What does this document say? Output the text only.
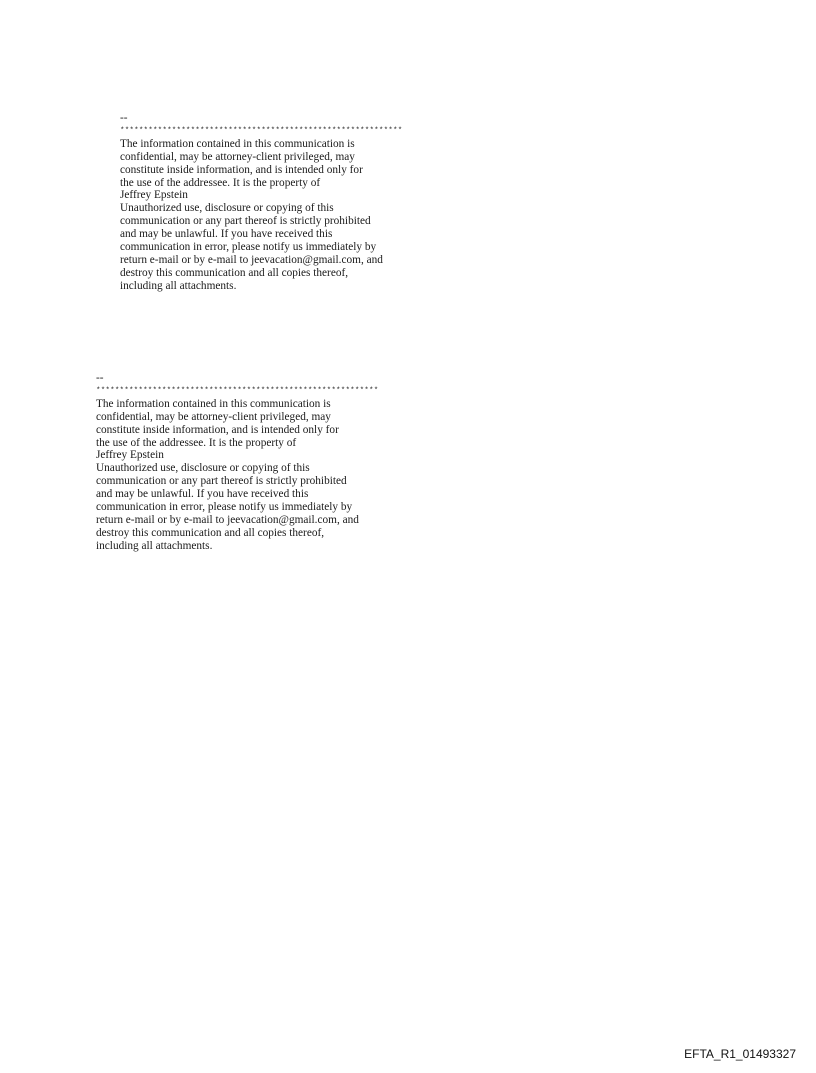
--
************************************************************
The information contained in this communication is
confidential, may be attorney-client privileged, may
constitute inside information, and is intended only for
the use of the addressee. It is the property of
Jeffrey Epstein
Unauthorized use, disclosure or copying of this
communication or any part thereof is strictly prohibited
and may be unlawful. If you have received this
communication in error, please notify us immediately by
return e-mail or by e-mail to jeevacation@gmail.com, and
destroy this communication and all copies thereof,
including all attachments.
--
************************************************************
The information contained in this communication is
confidential, may be attorney-client privileged, may
constitute inside information, and is intended only for
the use of the addressee. It is the property of
Jeffrey Epstein
Unauthorized use, disclosure or copying of this
communication or any part thereof is strictly prohibited
and may be unlawful. If you have received this
communication in error, please notify us immediately by
return e-mail or by e-mail to jeevacation@gmail.com, and
destroy this communication and all copies thereof,
including all attachments.
EFTA_R1_01493327
